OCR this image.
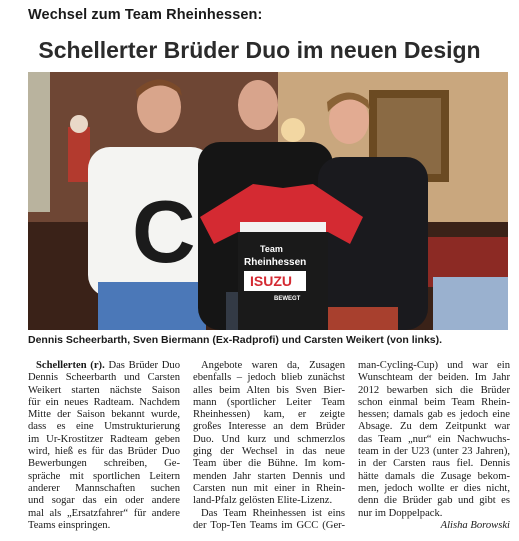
Wechsel zum Team Rheinhessen:
Schellerter Brüder Duo im neuen Design
C	Team
Rheinhessen
ISUZU
BEWEGT
Dennis Scheerbarth, Sven Biermann (Ex-Radprofi) und Carsten Weikert (von links).
Schellerten (r). Das Brüder Duo
Dennis Scheerbarth und Carsten
Weikert starten nächste Saison
für ein neues Radteam. Nachdem
Mitte der Saison bekannt wurde,
dass es eine Umstrukturierung
im Ur-Krostitzer Radteam geben
wird, hieß es für das Brüder Duo
Bewerbungen schreiben, Ge-
spräche mit sportlichen Leitern
anderer Mannschaften suchen
und sogar das ein oder andere
mal als „Ersatzfahrer“ für andere
Teams einspringen.
Angebote waren da, Zusagen
ebenfalls – jedoch blieb zunächst
alles beim Alten bis Sven Bier-
mann (sportlicher Leiter Team
Rheinhessen) kam, er zeigte
großes Interesse an dem Brüder
Duo. Und kurz und schmerzlos
ging der Wechsel in das neue
Team über die Bühne. Im kom-
menden Jahr starten Dennis und
Carsten nun mit einer in Rhein-
land-Pfalz gelösten Elite-Lizenz.
Das Team Rheinhessen ist eins
der Top-Ten Teams im GCC (Ger-
man-Cycling-Cup) und war ein
Wunschteam der beiden. Im Jahr
2012 bewarben sich die Brüder
schon einmal beim Team Rhein-
hessen; damals gab es jedoch eine
Absage. Zu dem Zeitpunkt war
das Team „nur“ ein Nachwuchs-
team in der U23 (unter 23 Jahren),
in der Carsten raus fiel. Dennis
hätte damals die Zusage bekom-
men, jedoch wollte er dies nicht,
denn die Brüder gab und gibt es
nur im Doppelpack.
Alisha Borowski
